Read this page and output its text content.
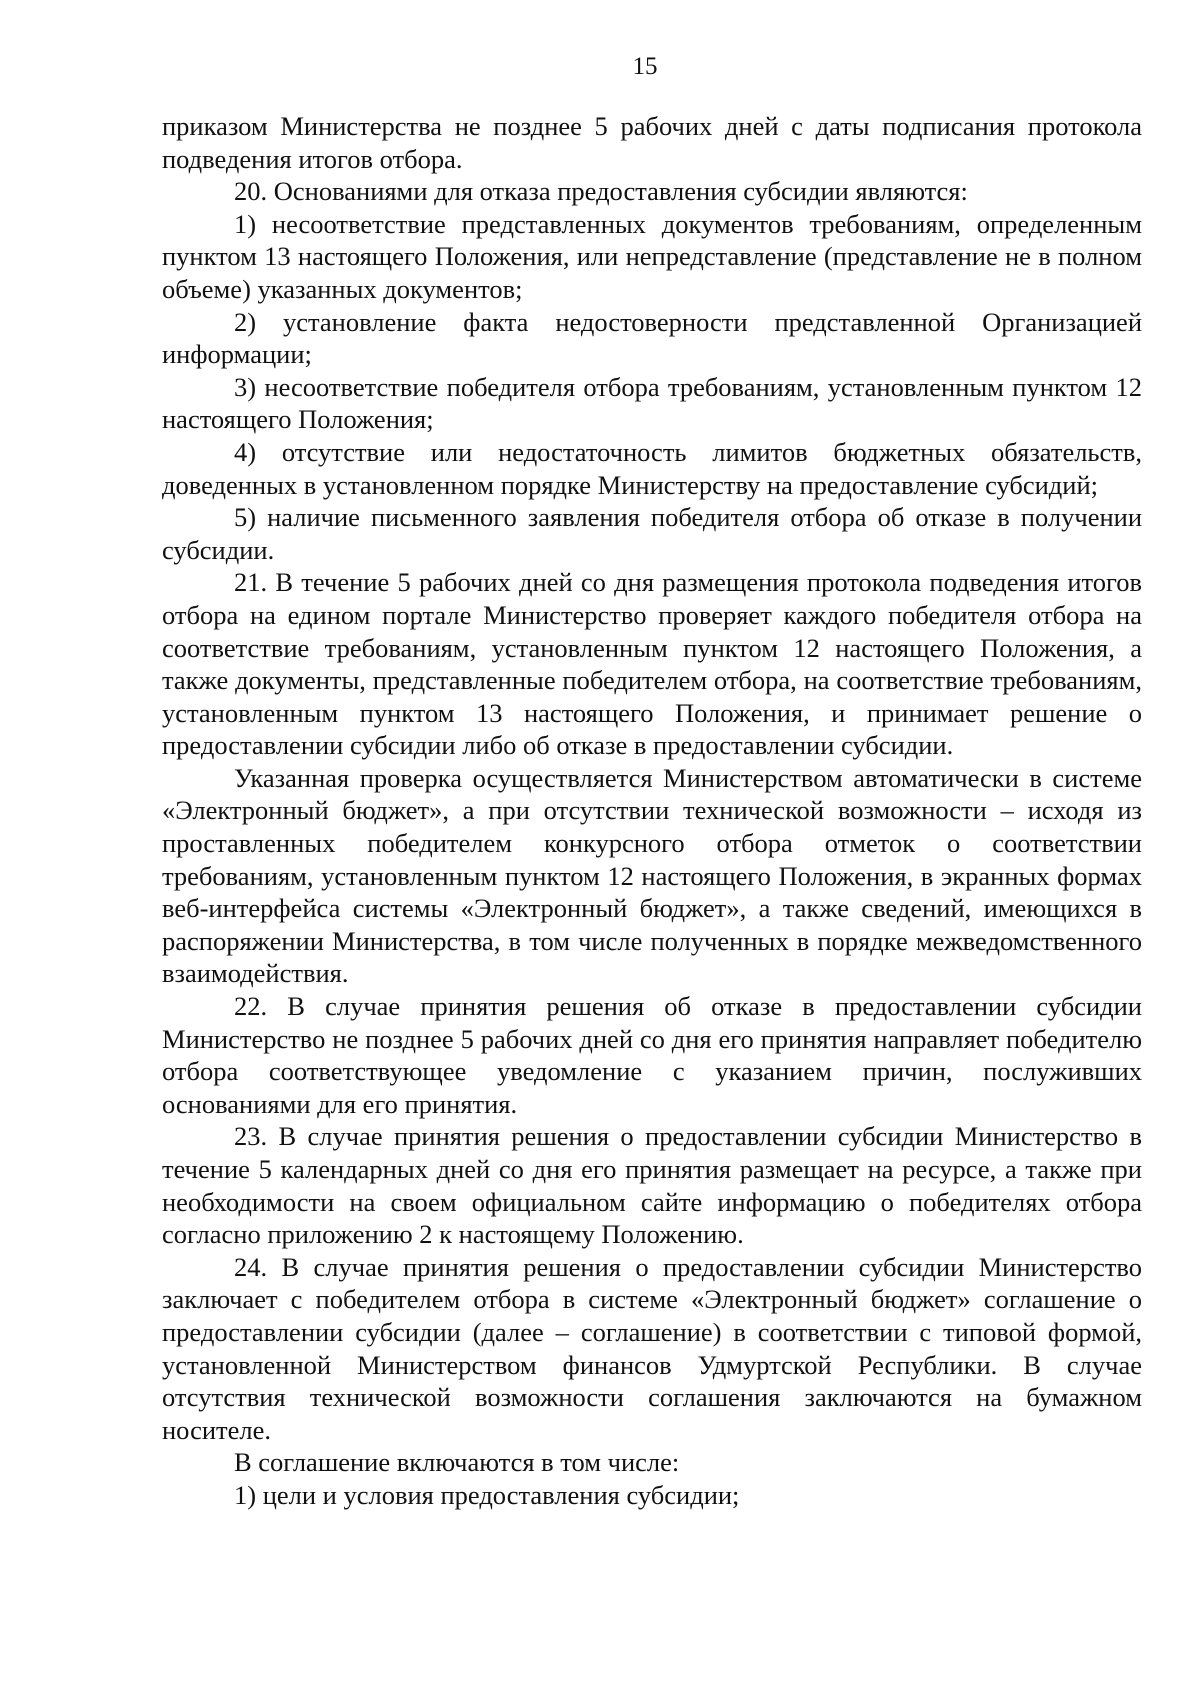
15

приказом Министерства не позднее 5 рабочих дней с даты подписания протокола подведения итогов отбора.

20. Основаниями для отказа предоставления субсидии являются:

1) несоответствие представленных документов требованиям, определенным пунктом 13 настоящего Положения, или непредставление (представление не в полном объеме) указанных документов;

2) установление факта недостоверности представленной Организацией информации;

3) несоответствие победителя отбора требованиям, установленным пунктом 12 настоящего Положения;

4) отсутствие или недостаточность лимитов бюджетных обязательств, доведенных в установленном порядке Министерству на предоставление субсидий;

5) наличие письменного заявления победителя отбора об отказе в получении субсидии.

21. В течение 5 рабочих дней со дня размещения протокола подведения итогов отбора на едином портале Министерство проверяет каждого победителя отбора на соответствие требованиям, установленным пунктом 12 настоящего Положения, а также документы, представленные победителем отбора, на соответствие требованиям, установленным пунктом 13 настоящего Положения, и принимает решение о предоставлении субсидии либо об отказе в предоставлении субсидии.

Указанная проверка осуществляется Министерством автоматически в системе «Электронный бюджет», а при отсутствии технической возможности – исходя из проставленных победителем конкурсного отбора отметок о соответствии требованиям, установленным пунктом 12 настоящего Положения, в экранных формах веб-интерфейса системы «Электронный бюджет», а также сведений, имеющихся в распоряжении Министерства, в том числе полученных в порядке межведомственного взаимодействия.

22. В случае принятия решения об отказе в предоставлении субсидии Министерство не позднее 5 рабочих дней со дня его принятия направляет победителю отбора соответствующее уведомление с указанием причин, послуживших основаниями для его принятия.

23. В случае принятия решения о предоставлении субсидии Министерство в течение 5 календарных дней со дня его принятия размещает на ресурсе, а также при необходимости на своем официальном сайте информацию о победителях отбора согласно приложению 2 к настоящему Положению.

24. В случае принятия решения о предоставлении субсидии Министерство заключает с победителем отбора в системе «Электронный бюджет» соглашение о предоставлении субсидии (далее – соглашение) в соответствии с типовой формой, установленной Министерством финансов Удмуртской Республики. В случае отсутствия технической возможности соглашения заключаются на бумажном носителе.

В соглашение включаются в том числе:

1) цели и условия предоставления субсидии;
